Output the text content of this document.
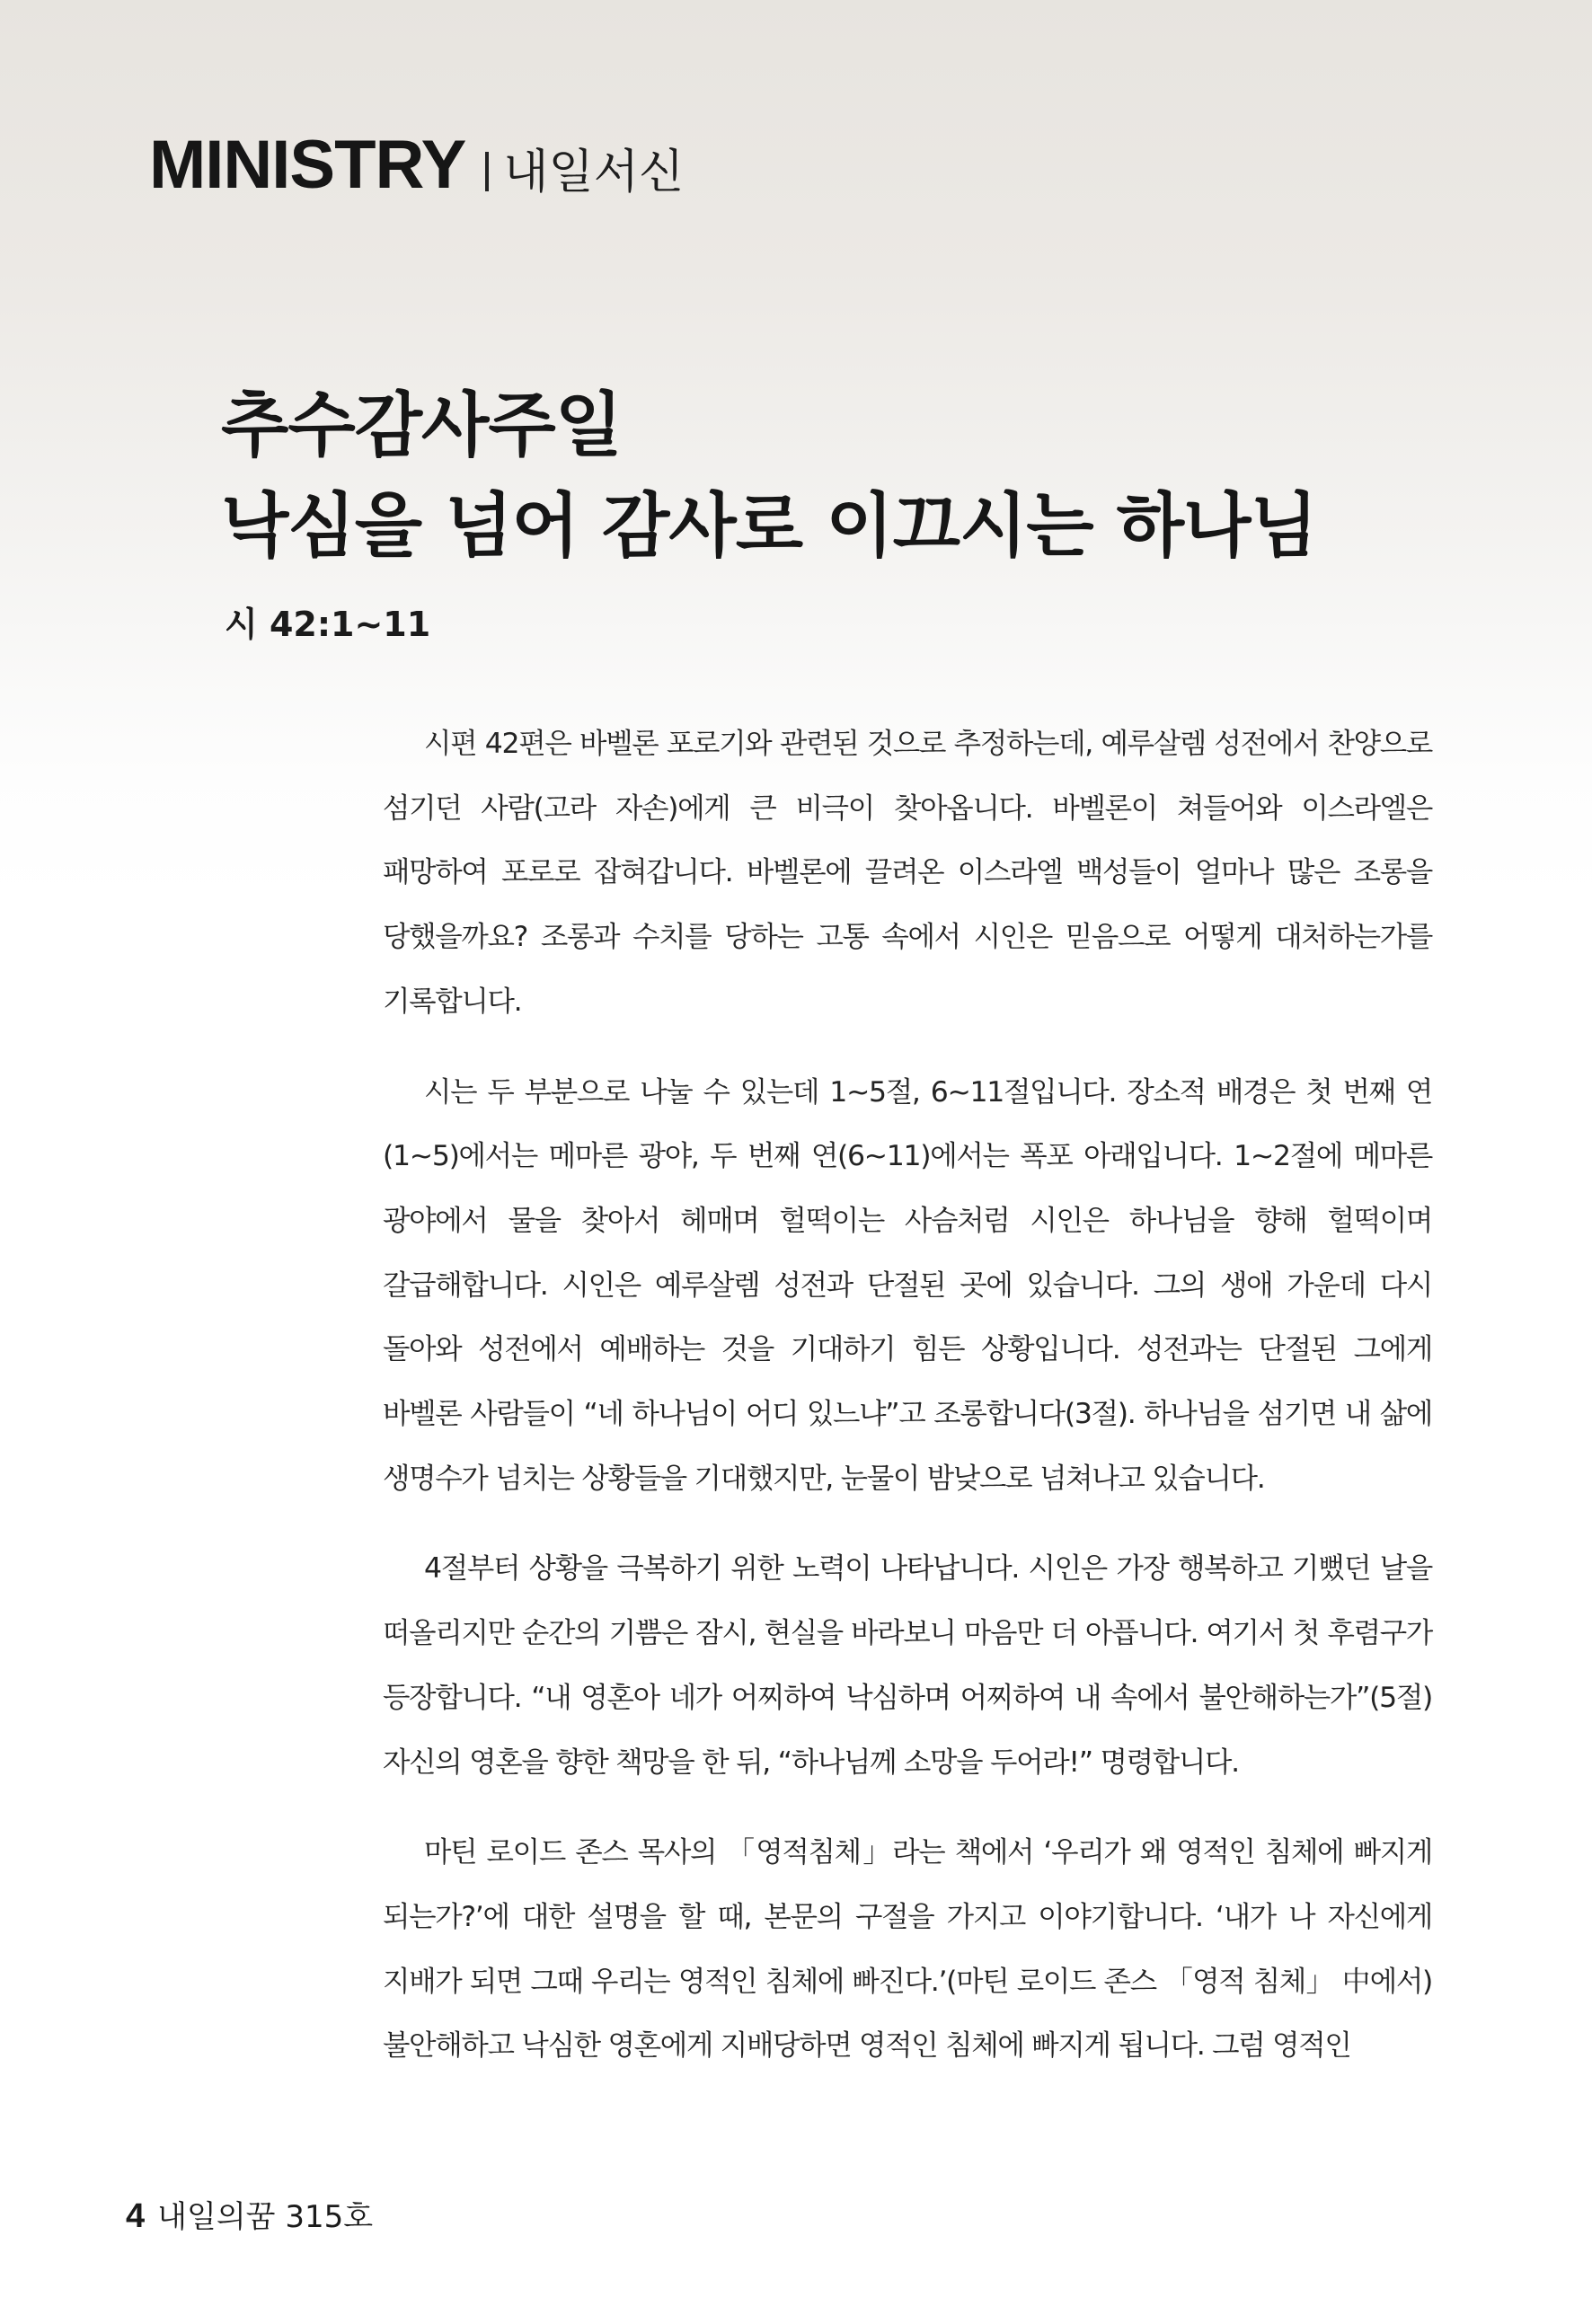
MINISTRY 내일서신
추수감사주일
낙심을 넘어 감사로 이끄시는 하나님
시 42:1~11

시편 42편은 바벨론 포로기와 관련된 것으로 추정하는데, 예루살렘 성전에서 찬양으로 섬기던 사람(고라 자손)에게 큰 비극이 찾아옵니다. 바벨론이 쳐들어와 이스라엘은 패망하여 포로로 잡혀갑니다. 바벨론에 끌려온 이스라엘 백성들이 얼마나 많은 조롱을 당했을까요? 조롱과 수치를 당하는 고통 속에서 시인은 믿음으로 어떻게 대처하는가를 기록합니다.

시는 두 부분으로 나눌 수 있는데 1~5절, 6~11절입니다. 장소적 배경은 첫 번째 연(1~5)에서는 메마른 광야, 두 번째 연(6~11)에서는 폭포 아래입니다. 1~2절에 메마른 광야에서 물을 찾아서 헤매며 헐떡이는 사슴처럼 시인은 하나님을 향해 헐떡이며 갈급해합니다. 시인은 예루살렘 성전과 단절된 곳에 있습니다. 그의 생애 가운데 다시 돌아와 성전에서 예배하는 것을 기대하기 힘든 상황입니다. 성전과는 단절된 그에게 바벨론 사람들이 “네 하나님이 어디 있느냐”고 조롱합니다(3절). 하나님을 섬기면 내 삶에 생명수가 넘치는 상황들을 기대했지만, 눈물이 밤낮으로 넘쳐나고 있습니다.

4절부터 상황을 극복하기 위한 노력이 나타납니다. 시인은 가장 행복하고 기뻤던 날을 떠올리지만 순간의 기쁨은 잠시, 현실을 바라보니 마음만 더 아픕니다. 여기서 첫 후렴구가 등장합니다. “내 영혼아 네가 어찌하여 낙심하며 어찌하여 내 속에서 불안해하는가”(5절) 자신의 영혼을 향한 책망을 한 뒤, “하나님께 소망을 두어라!” 명령합니다.

마틴 로이드 존스 목사의 「영적침체」라는 책에서 ‘우리가 왜 영적인 침체에 빠지게 되는가?’에 대한 설명을 할 때, 본문의 구절을 가지고 이야기합니다. ‘내가 나 자신에게 지배가 되면 그때 우리는 영적인 침체에 빠진다.’(마틴 로이드 존스 「영적 침체」 中에서) 불안해하고 낙심한 영혼에게 지배당하면 영적인 침체에 빠지게 됩니다. 그럼 영적인

4 내일의꿈 315호
